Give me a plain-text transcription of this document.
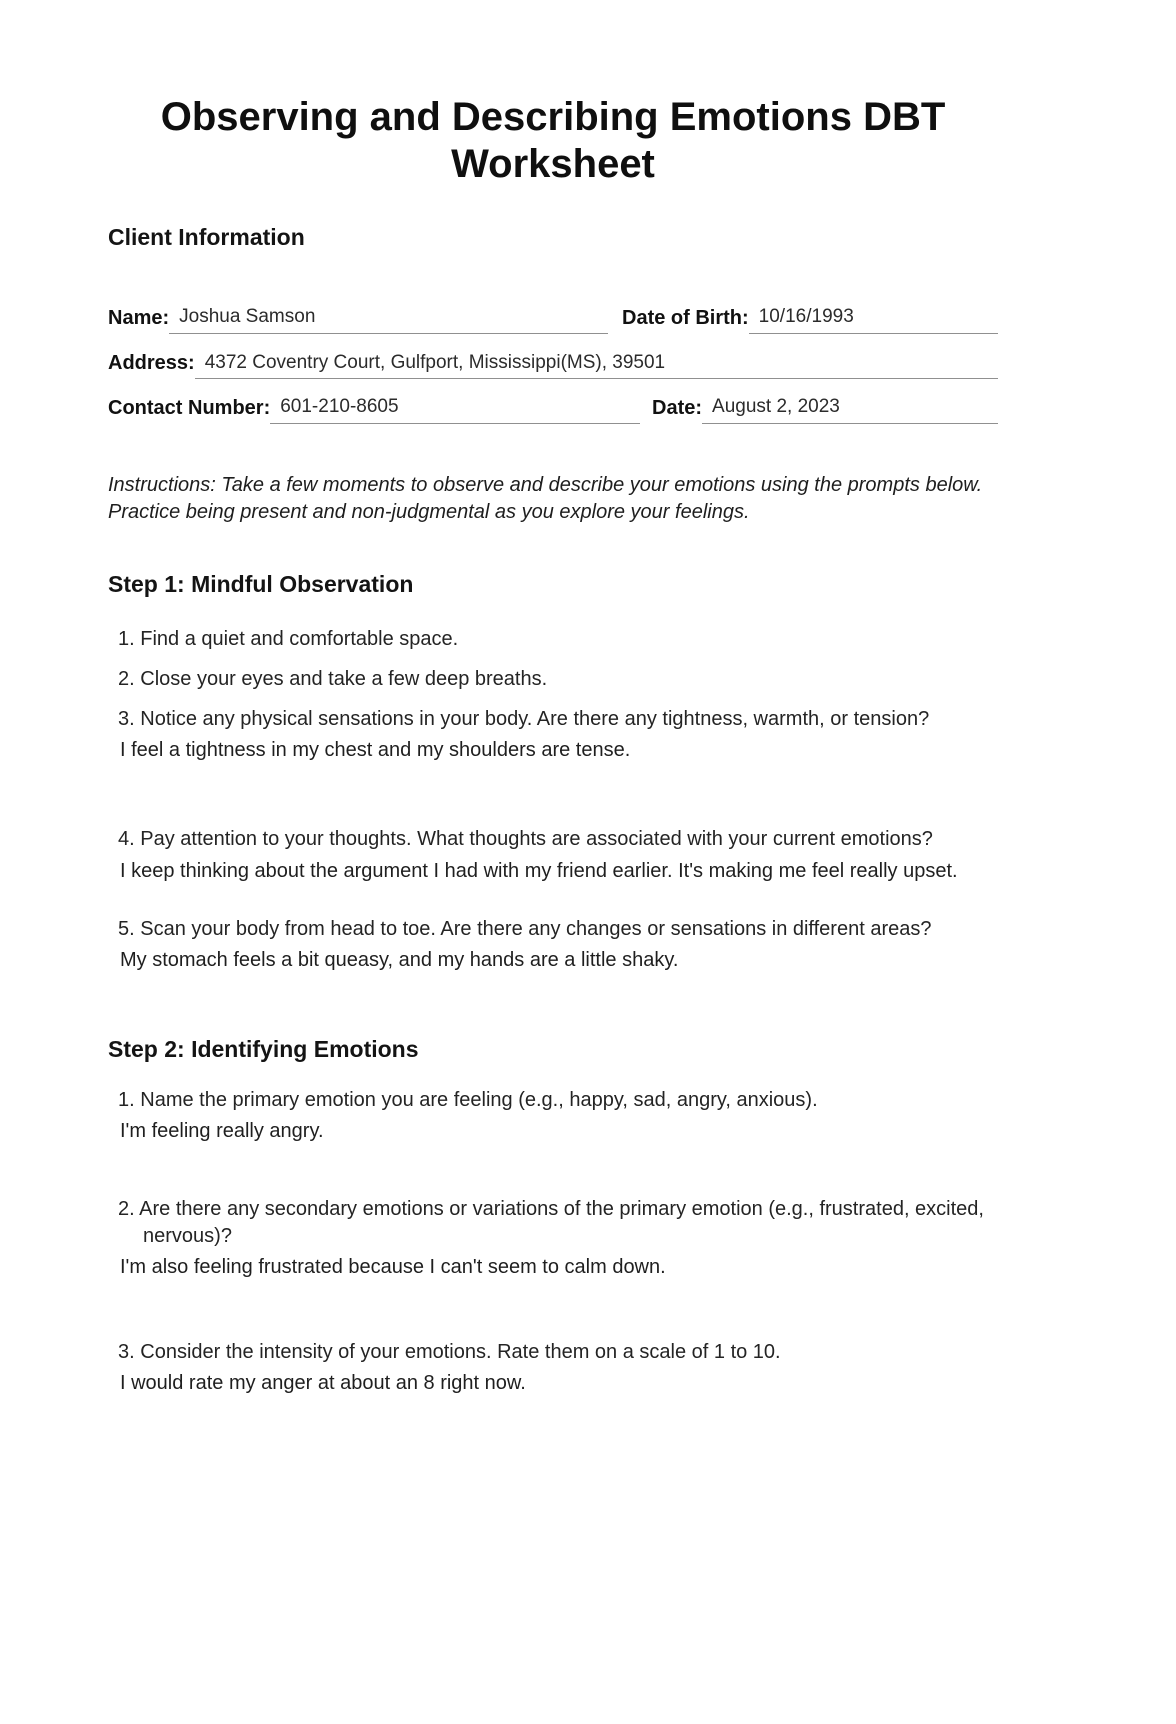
Observing and Describing Emotions DBT Worksheet
Client Information
Name: Joshua Samson	Date of Birth: 10/16/1993
Address: 4372 Coventry Court, Gulfport, Mississippi(MS), 39501
Contact Number: 601-210-8605	Date: August 2, 2023
Instructions: Take a few moments to observe and describe your emotions using the prompts below. Practice being present and non-judgmental as you explore your feelings.
Step 1: Mindful Observation
1. Find a quiet and comfortable space.
2. Close your eyes and take a few deep breaths.
3. Notice any physical sensations in your body. Are there any tightness, warmth, or tension?
I feel a tightness in my chest and my shoulders are tense.
4. Pay attention to your thoughts. What thoughts are associated with your current emotions?
I keep thinking about the argument I had with my friend earlier. It's making me feel really upset.
5. Scan your body from head to toe. Are there any changes or sensations in different areas?
My stomach feels a bit queasy, and my hands are a little shaky.
Step 2: Identifying Emotions
1. Name the primary emotion you are feeling (e.g., happy, sad, angry, anxious).
I'm feeling really angry.
2. Are there any secondary emotions or variations of the primary emotion (e.g., frustrated, excited, nervous)?
I'm also feeling frustrated because I can't seem to calm down.
3. Consider the intensity of your emotions. Rate them on a scale of 1 to 10.
I would rate my anger at about an 8 right now.
